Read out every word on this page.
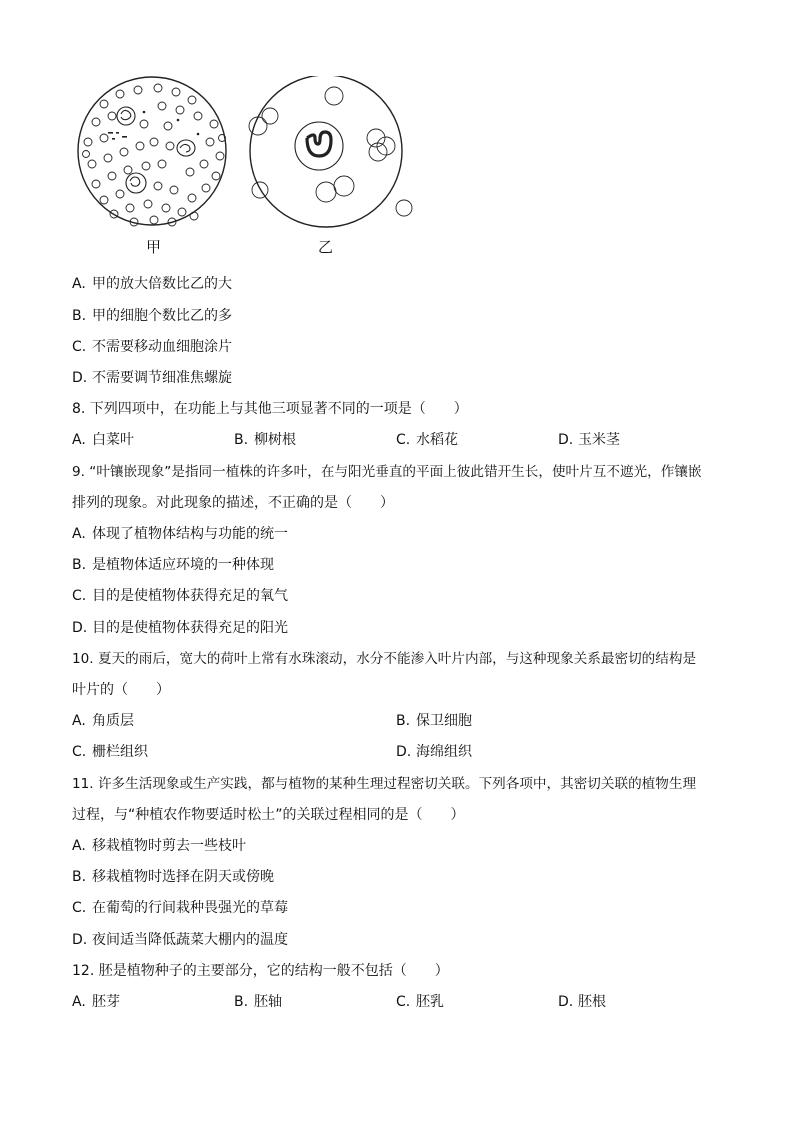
甲	乙
A. 甲的放大倍数比乙的大
B. 甲的细胞个数比乙的多
C. 不需要移动血细胞涂片
D. 不需要调节细准焦螺旋
8. 下列四项中，在功能上与其他三项显著不同的一项是（　　）
A. 白菜叶	B. 柳树根	C. 水稻花	D. 玉米茎
9. “叶镶嵌现象”是指同一植株的许多叶，在与阳光垂直的平面上彼此错开生长，使叶片互不遮光，作镶嵌
排列的现象。对此现象的描述，不正确的是（　　）
A. 体现了植物体结构与功能的统一
B. 是植物体适应环境的一种体现
C. 目的是使植物体获得充足的氧气
D. 目的是使植物体获得充足的阳光
10. 夏天的雨后，宽大的荷叶上常有水珠滚动，水分不能渗入叶片内部，与这种现象关系最密切的结构是
叶片的（　　）
A. 角质层	B. 保卫细胞
C. 栅栏组织	D. 海绵组织
11. 许多生活现象或生产实践，都与植物的某种生理过程密切关联。下列各项中，其密切关联的植物生理
过程，与“种植农作物要适时松土”的关联过程相同的是（　　）
A. 移栽植物时剪去一些枝叶
B. 移栽植物时选择在阴天或傍晚
C. 在葡萄的行间栽种畏强光的草莓
D. 夜间适当降低蔬菜大棚内的温度
12. 胚是植物种子的主要部分，它的结构一般不包括（　　）
A. 胚芽	B. 胚轴	C. 胚乳	D. 胚根
